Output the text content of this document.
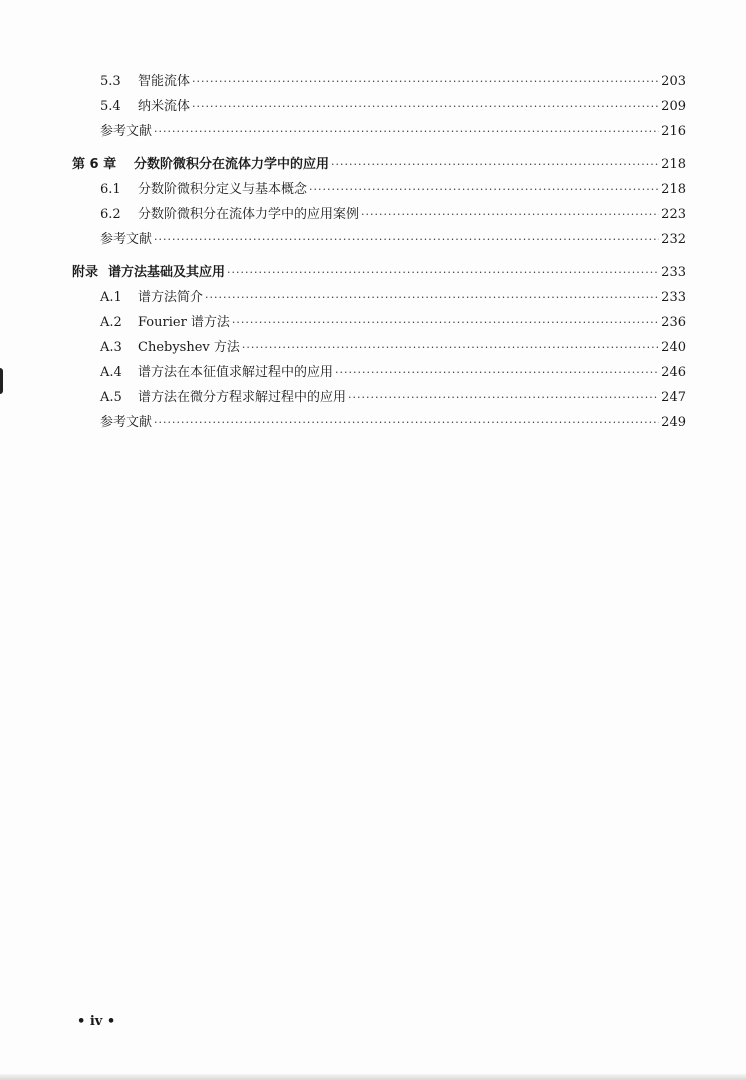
5.3	智能流体 ·····	203
5.4	纳米流体 ·····	209
参考文献 ·····	216
第 6 章	分数阶微积分在流体力学中的应用 ·····	218
6.1	分数阶微积分定义与基本概念 ·····	218
6.2	分数阶微积分在流体力学中的应用案例 ·····	223
参考文献 ·····	232
附录 谱方法基础及其应用 ·····	233
A.1	谱方法简介 ·····	233
A.2	Fourier 谱方法 ·····	236
A.3	Chebyshev 方法 ·····	240
A.4	谱方法在本征值求解过程中的应用 ·····	246
A.5	谱方法在微分方程求解过程中的应用 ·····	247
参考文献 ·····	249
• iv •
